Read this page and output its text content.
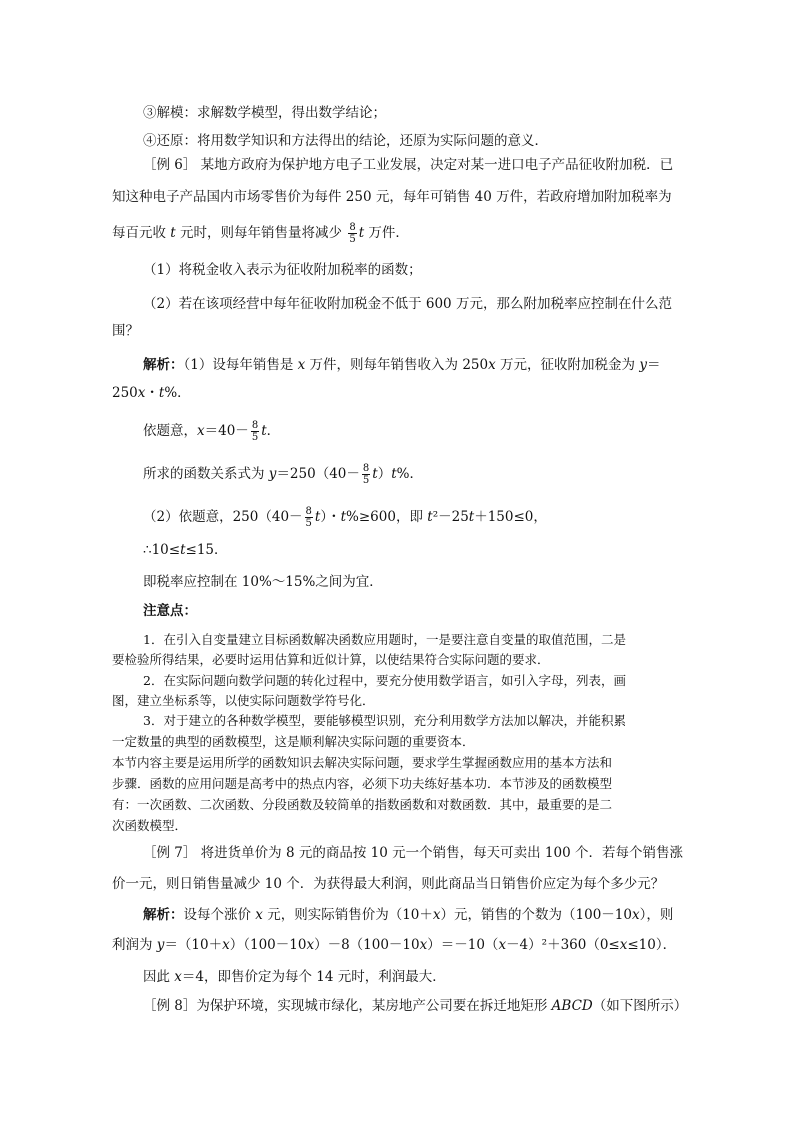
③解模：求解数学模型，得出数学结论；
④还原：将用数学知识和方法得出的结论，还原为实际问题的意义．
［例 6］ 某地方政府为保护地方电子工业发展，决定对某一进口电子产品征收附加税．已
知这种电子产品国内市场零售价为每件 250 元，每年可销售 40 万件，若政府增加附加税率为
每百元收 t 元时，则每年销售量将减少 $\frac{8}{5}$ t 万件．
（1）将税金收入表示为征收附加税率的函数；
（2）若在该项经营中每年征收附加税金不低于 600 万元，那么附加税率应控制在什么范
围？
解析：（1）设每年销售是 x 万件，则每年销售收入为 250x 万元，征收附加税金为 y＝
250x・t%．
依题意，$x=40- \frac{8}{5}$ t．
所求的函数关系式为 $y=250(40- \frac{8}{5} t)t\%$．
（2）依题意，$250(40- \frac{8}{5} t)$・t%≥600，即 t²－25t＋150≤0，
∴10≤t≤15．
即税率应控制在 10%～15%之间为宜．
注意点：
1．在引入自变量建立目标函数解决函数应用题时，一是要注意自变量的取值范围，二是
要检验所得结果，必要时运用估算和近似计算，以使结果符合实际问题的要求．
2．在实际问题向数学问题的转化过程中，要充分使用数学语言，如引入字母，列表，画
图，建立坐标系等，以使实际问题数学符号化．
3．对于建立的各种数学模型，要能够模型识别，充分利用数学方法加以解决，并能积累
一定数量的典型的函数模型，这是顺利解决实际问题的重要资本．
本节内容主要是运用所学的函数知识去解决实际问题，要求学生掌握函数应用的基本方法和
步骤．函数的应用问题是高考中的热点内容，必须下功夫练好基本功．本节涉及的函数模型
有：一次函数、二次函数、分段函数及较简单的指数函数和对数函数．其中，最重要的是二
次函数模型．
［例 7］ 将进货单价为 8 元的商品按 10 元一个销售，每天可卖出 100 个．若每个销售涨
价一元，则日销售量减少 10 个．为获得最大利润，则此商品当日销售价应定为每个多少元？
解析：设每个涨价 x 元，则实际销售价为（10＋x）元，销售的个数为（100－10x），则
利润为 y＝（10＋x）（100－10x）－8（100－10x）＝－10（x－4）²＋360（0≤x≤10）．
因此 x＝4，即售价定为每个 14 元时，利润最大．
［例 8］为保护环境，实现城市绿化，某房地产公司要在拆迁地矩形 ABCD（如下图所示）
